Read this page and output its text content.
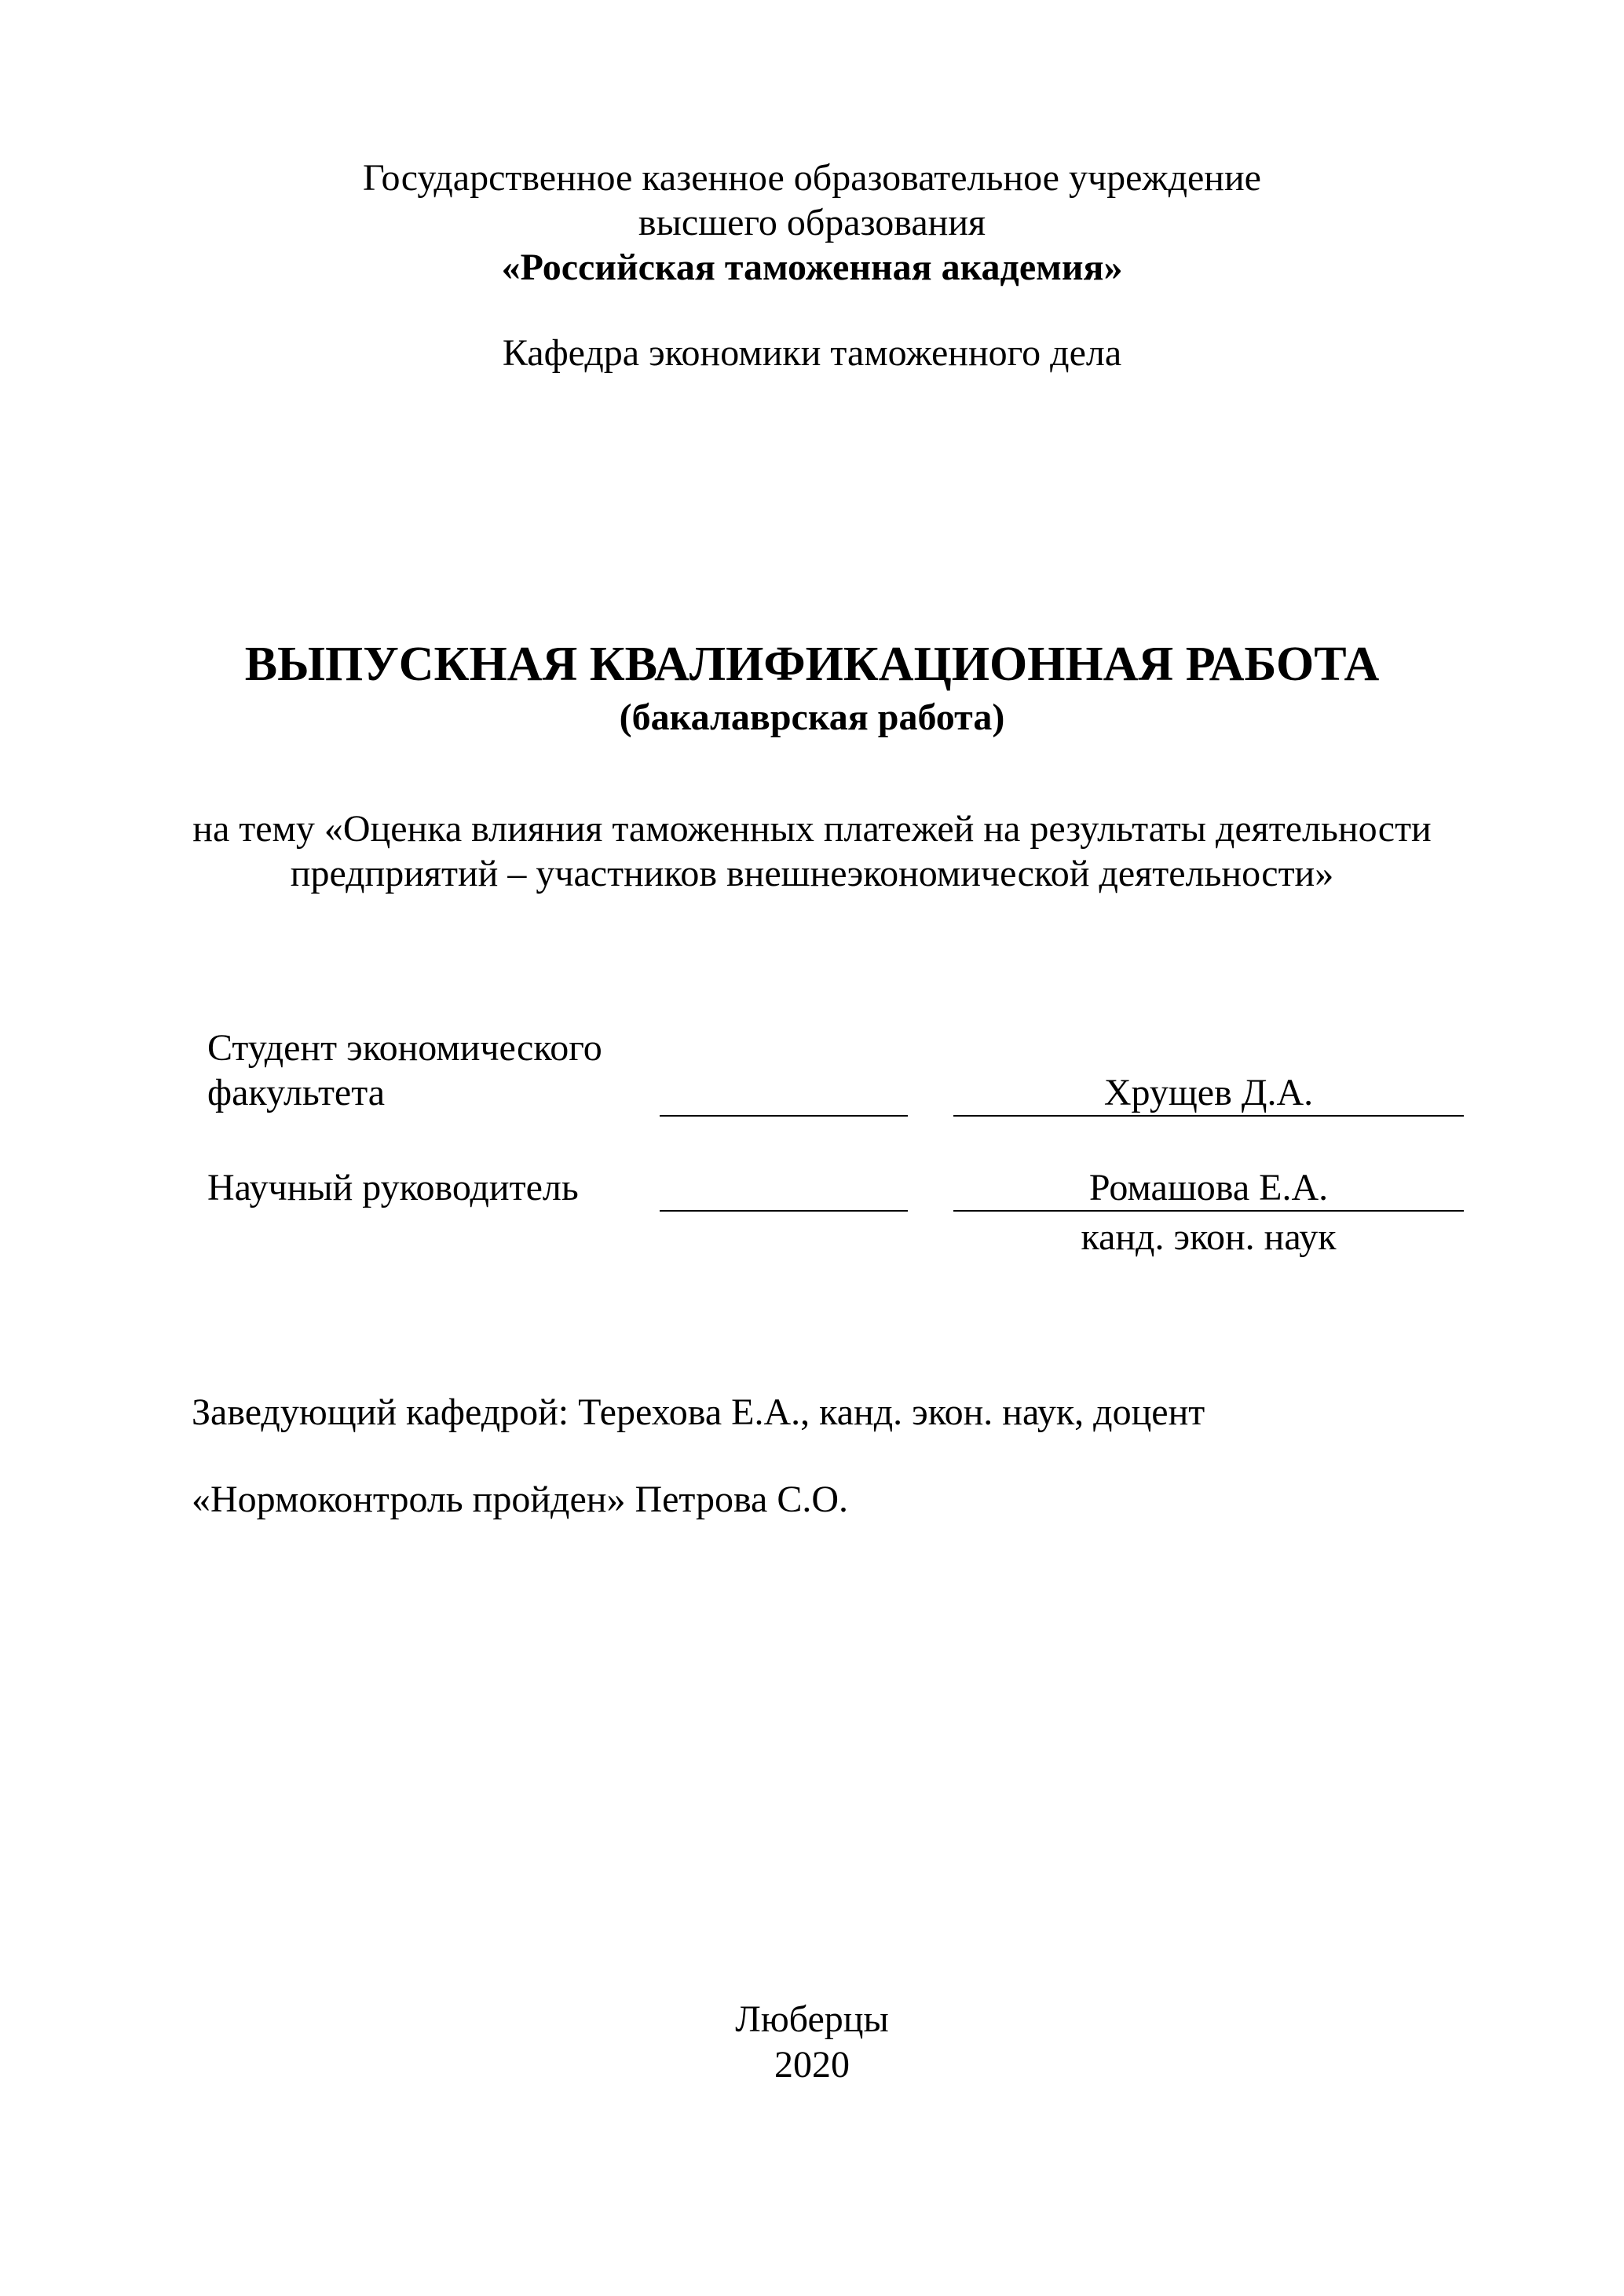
Государственное казенное образовательное учреждение
высшего образования
«Российская таможенная академия»
Кафедра экономики таможенного дела
ВЫПУСКНАЯ КВАЛИФИКАЦИОННАЯ РАБОТА
(бакалаврская работа)
на тему «Оценка влияния таможенных платежей на результаты деятельности
предприятий – участников внешнеэкономической деятельности»
Студент экономического
факультета	Хрущев Д.А.
Научный руководитель	Ромашова Е.А.
канд. экон. наук
Заведующий кафедрой: Терехова Е.А., канд. экон. наук, доцент
«Нормоконтроль пройден» Петрова С.О.
Люберцы
2020
